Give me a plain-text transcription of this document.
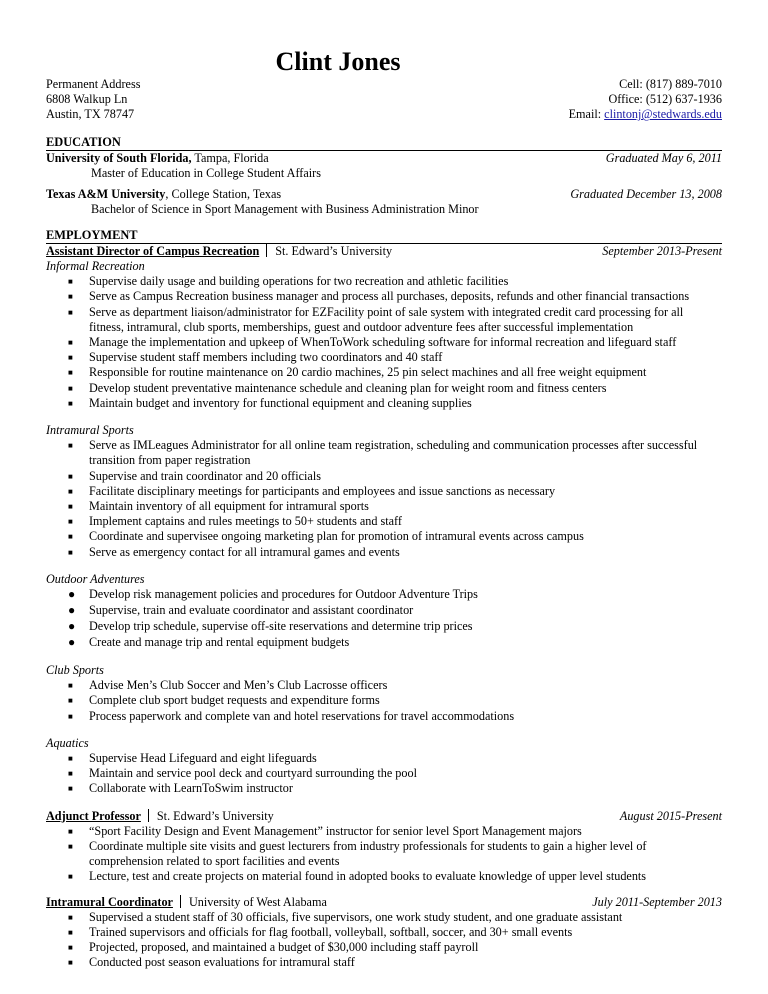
Clint Jones
Permanent Address	Cell: (817) 889-7010
6808 Walkup Ln	Office: (512) 637-1936
Austin, TX 78747	Email: clintonj@stedwards.edu
EDUCATION
University of South Florida, Tampa, Florida	Graduated May 6, 2011
Master of Education in College Student Affairs
Texas A&M University, College Station, Texas	Graduated December 13, 2008
Bachelor of Science in Sport Management with Business Administration Minor
EMPLOYMENT
Assistant Director of Campus Recreation St. Edward’s University	September 2013-Present
Informal Recreation
■ Supervise daily usage and building operations for two recreation and athletic facilities
■ Serve as Campus Recreation business manager and process all purchases, deposits, refunds and other financial transactions
■ Serve as department liaison/administrator for EZFacility point of sale system with integrated credit card processing for all
fitness, intramural, club sports, memberships, guest and outdoor adventure fees after successful implementation
■ Manage the implementation and upkeep of WhenToWork scheduling software for informal recreation and lifeguard staff
■ Supervise student staff members including two coordinators and 40 staff
■ Responsible for routine maintenance on 20 cardio machines, 25 pin select machines and all free weight equipment
■ Develop student preventative maintenance schedule and cleaning plan for weight room and fitness centers
■ Maintain budget and inventory for functional equipment and cleaning supplies
Intramural Sports
■ Serve as IMLeagues Administrator for all online team registration, scheduling and communication processes after successful
transition from paper registration
■ Supervise and train coordinator and 20 officials
■ Facilitate disciplinary meetings for participants and employees and issue sanctions as necessary
■ Maintain inventory of all equipment for intramural sports
■ Implement captains and rules meetings to 50+ students and staff
■ Coordinate and supervisee ongoing marketing plan for promotion of intramural events across campus
■ Serve as emergency contact for all intramural games and events
Outdoor Adventures
● Develop risk management policies and procedures for Outdoor Adventure Trips
● Supervise, train and evaluate coordinator and assistant coordinator
● Develop trip schedule, supervise off-site reservations and determine trip prices
● Create and manage trip and rental equipment budgets
Club Sports
■ Advise Men’s Club Soccer and Men’s Club Lacrosse officers
■ Complete club sport budget requests and expenditure forms
■ Process paperwork and complete van and hotel reservations for travel accommodations
Aquatics
■ Supervise Head Lifeguard and eight lifeguards
■ Maintain and service pool deck and courtyard surrounding the pool
■ Collaborate with LearnToSwim instructor
Adjunct Professor St. Edward’s University	August 2015-Present
■ “Sport Facility Design and Event Management” instructor for senior level Sport Management majors
■ Coordinate multiple site visits and guest lecturers from industry professionals for students to gain a higher level of
comprehension related to sport facilities and events
■ Lecture, test and create projects on material found in adopted books to evaluate knowledge of upper level students
Intramural Coordinator University of West Alabama	July 2011-September 2013
■ Supervised a student staff of 30 officials, five supervisors, one work study student, and one graduate assistant
■ Trained supervisors and officials for flag football, volleyball, softball, soccer, and 30+ small events
■ Projected, proposed, and maintained a budget of $30,000 including staff payroll
■ Conducted post season evaluations for intramural staff
